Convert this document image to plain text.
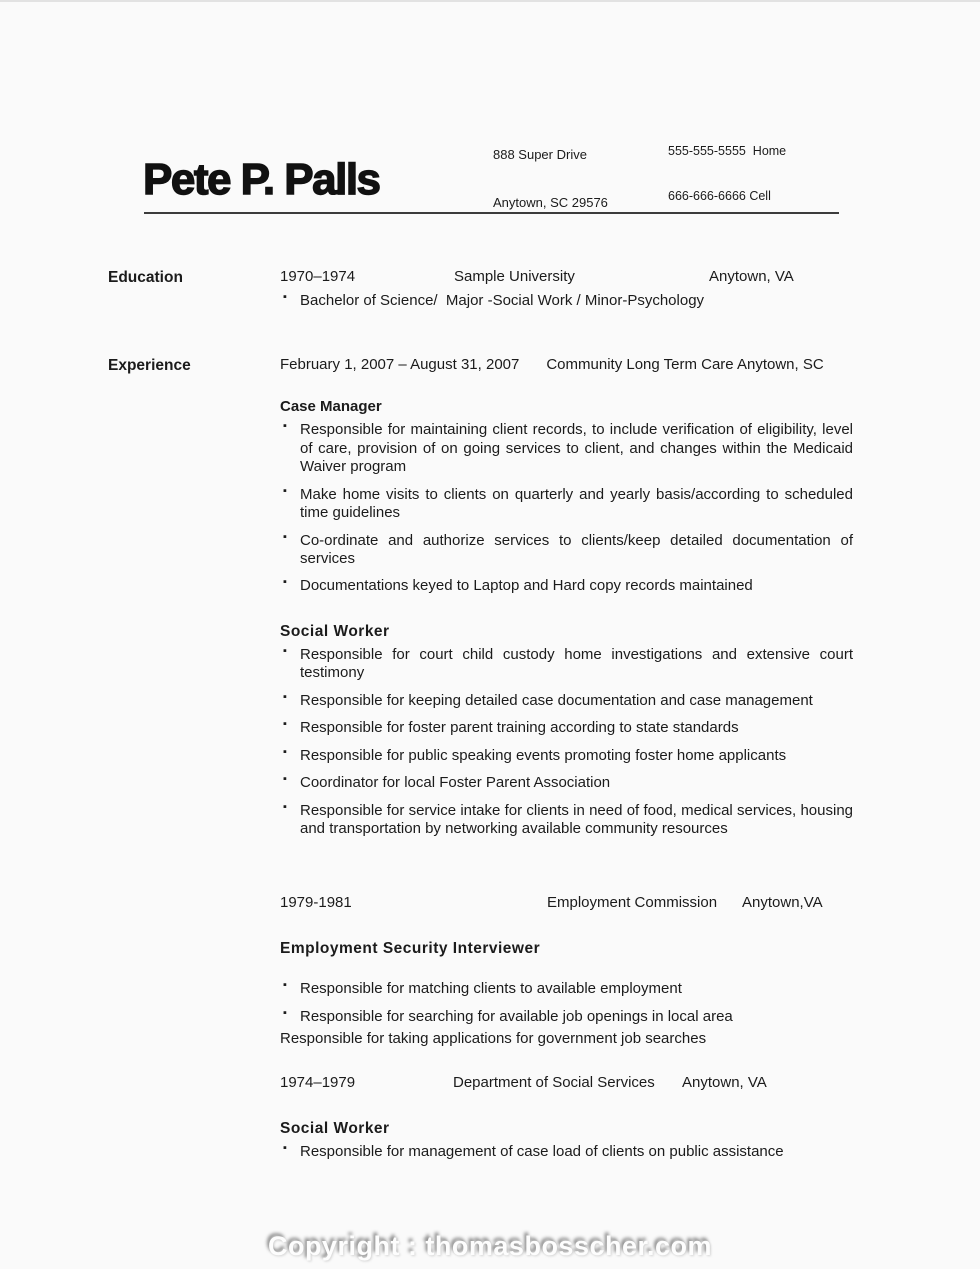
888 Super Drive

Anytown, SC 29576

555-555-5555  Home

666-666-6666 Cell

Pete P. Palls
Education	1970–1974	Sample University	Anytown, VA
▪ Bachelor of Science/  Major -Social Work / Minor-Psychology
Experience	February 1, 2007 – August 31, 2007 Community Long Term Care Anytown, SC

Case Manager
▪ Responsible for maintaining client records, to include verification of eligibility, level of care, provision of on going services to client, and changes within the Medicaid Waiver program
▪ Make home visits to clients on quarterly and yearly basis/according to scheduled time guidelines
▪ Co-ordinate and authorize services to clients/keep detailed documentation of services
▪ Documentations keyed to Laptop and Hard copy records maintained
Social Worker
▪ Responsible for court child custody home investigations and extensive court testimony
▪ Responsible for keeping detailed case documentation and case management
▪ Responsible for foster parent training according to state standards
▪ Responsible for public speaking events promoting foster home applicants
▪ Coordinator for local Foster Parent Association
▪ Responsible for service intake for clients in need of food, medical services, housing and transportation by networking available community resources
1979-1981	Employment Commission Anytown,VA
Employment Security Interviewer
▪ Responsible for matching clients to available employment
▪ Responsible for searching for available job openings in local area
Responsible for taking applications for government job searches
1974–1979	Department of Social Services Anytown, VA
Social Worker
▪ Responsible for management of case load of clients on public assistance
Copyright : thomasbosscher.com
